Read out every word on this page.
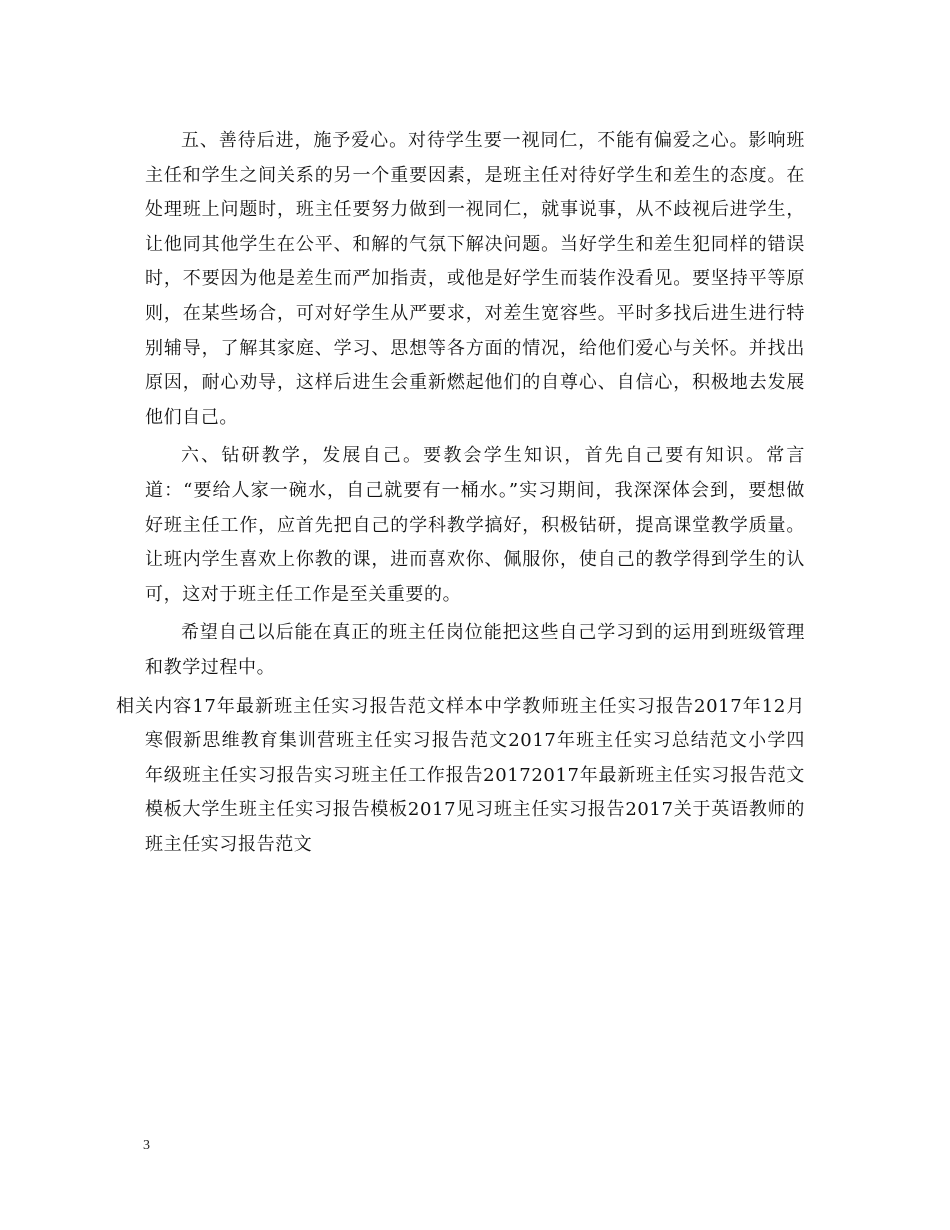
五、善待后进，施予爱心。对待学生要一视同仁，不能有偏爱之心。影响班主任和学生之间关系的另一个重要因素，是班主任对待好学生和差生的态度。在处理班上问题时，班主任要努力做到一视同仁，就事说事，从不歧视后进学生，让他同其他学生在公平、和解的气氛下解决问题。当好学生和差生犯同样的错误时，不要因为他是差生而严加指责，或他是好学生而装作没看见。要坚持平等原则，在某些场合，可对好学生从严要求，对差生宽容些。平时多找后进生进行特别辅导，了解其家庭、学习、思想等各方面的情况，给他们爱心与关怀。并找出原因，耐心劝导，这样后进生会重新燃起他们的自尊心、自信心，积极地去发展他们自己。

六、钻研教学，发展自己。要教会学生知识，首先自己要有知识。常言道：“要给人家一碗水，自己就要有一桶水。”实习期间，我深深体会到，要想做好班主任工作，应首先把自己的学科教学搞好，积极钻研，提高课堂教学质量。让班内学生喜欢上你教的课，进而喜欢你、佩服你，使自己的教学得到学生的认可，这对于班主任工作是至关重要的。

希望自己以后能在真正的班主任岗位能把这些自己学习到的运用到班级管理和教学过程中。

相关内容17年最新班主任实习报告范文样本中学教师班主任实习报告2017年12月寒假新思维教育集训营班主任实习报告范文2017年班主任实习总结范文小学四年级班主任实习报告实习班主任工作报告20172017年最新班主任实习报告范文模板大学生班主任实习报告模板2017见习班主任实习报告2017关于英语教师的班主任实习报告范文

3
